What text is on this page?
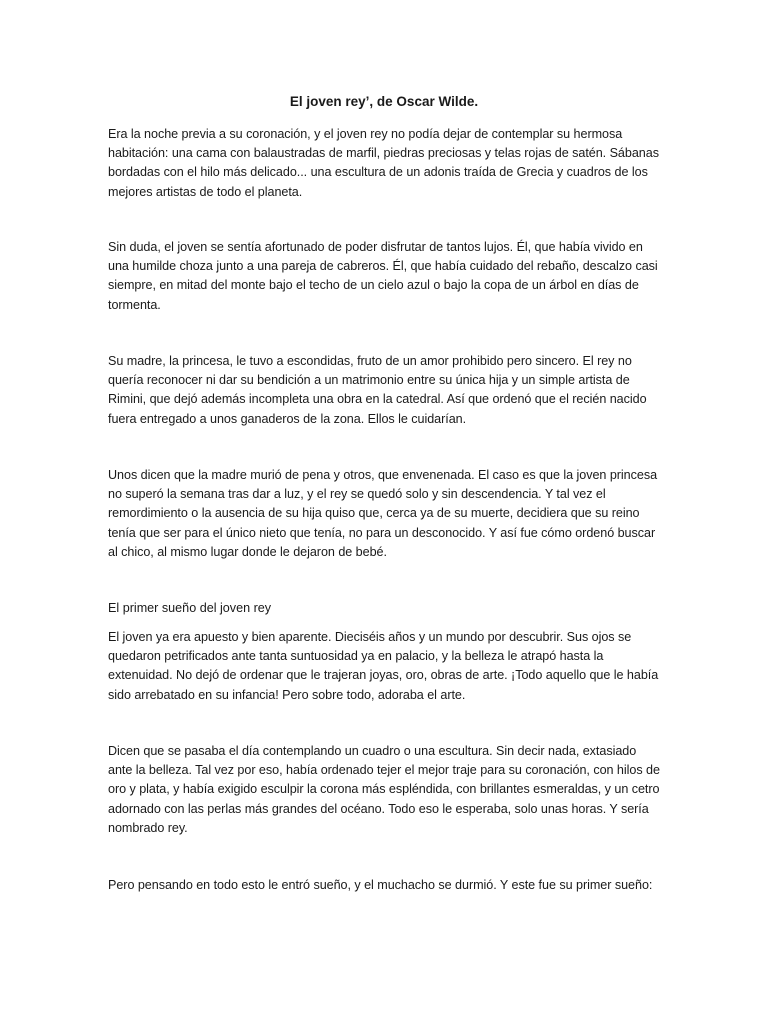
El joven rey’, de Oscar Wilde.

Era la noche previa a su coronación, y el joven rey no podía dejar de contemplar su hermosa habitación: una cama con balaustradas de marfil, piedras preciosas y telas rojas de satén. Sábanas bordadas con el hilo más delicado... una escultura de un adonis traída de Grecia y cuadros de los mejores artistas de todo el planeta.

Sin duda, el joven se sentía afortunado de poder disfrutar de tantos lujos. Él, que había vivido en una humilde choza junto a una pareja de cabreros. Él, que había cuidado del rebaño, descalzo casi siempre, en mitad del monte bajo el techo de un cielo azul o bajo la copa de un árbol en días de tormenta.

Su madre, la princesa, le tuvo a escondidas, fruto de un amor prohibido pero sincero. El rey no quería reconocer ni dar su bendición a un matrimonio entre su única hija y un simple artista de Rimini, que dejó además incompleta una obra en la catedral. Así que ordenó que el recién nacido fuera entregado a unos ganaderos de la zona. Ellos le cuidarían.

Unos dicen que la madre murió de pena y otros, que envenenada. El caso es que la joven princesa no superó la semana tras dar a luz, y el rey se quedó solo y sin descendencia. Y tal vez el remordimiento o la ausencia de su hija quiso que, cerca ya de su muerte, decidiera que su reino tenía que ser para el único nieto que tenía, no para un desconocido. Y así fue cómo ordenó buscar al chico, al mismo lugar donde le dejaron de bebé.

El primer sueño del joven rey

El joven ya era apuesto y bien aparente. Dieciséis años y un mundo por descubrir. Sus ojos se quedaron petrificados ante tanta suntuosidad ya en palacio, y la belleza le atrapó hasta la extenuidad. No dejó de ordenar que le trajeran joyas, oro, obras de arte. ¡Todo aquello que le había sido arrebatado en su infancia! Pero sobre todo, adoraba el arte.

Dicen que se pasaba el día contemplando un cuadro o una escultura. Sin decir nada, extasiado ante la belleza. Tal vez por eso, había ordenado tejer el mejor traje para su coronación, con hilos de oro y plata, y había exigido esculpir la corona más espléndida, con brillantes esmeraldas, y un cetro adornado con las perlas más grandes del océano. Todo eso le esperaba, solo unas horas. Y sería nombrado rey.

Pero pensando en todo esto le entró sueño, y el muchacho se durmió. Y este fue su primer sueño:
